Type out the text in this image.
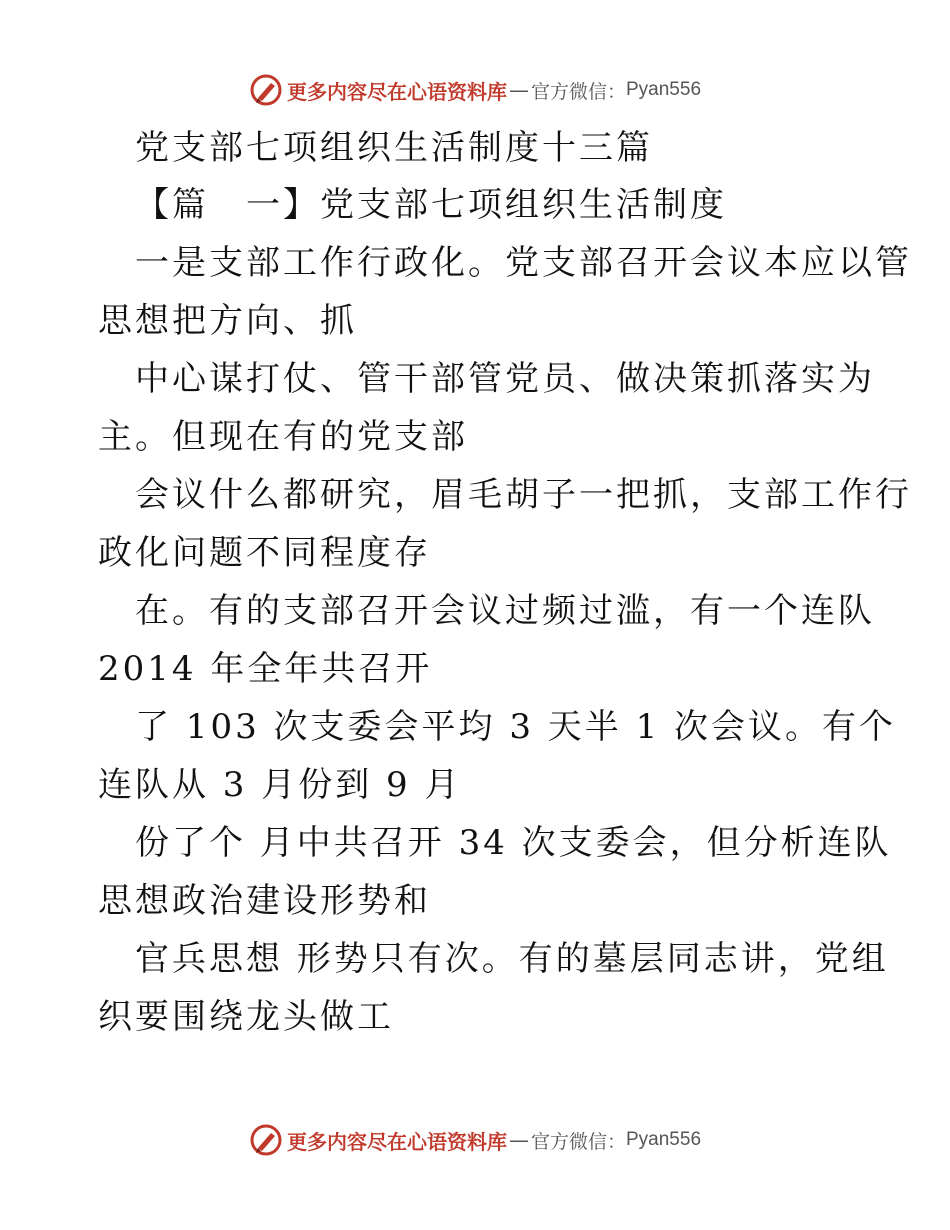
更多内容尽在心语资料库 — 官方微信： Pyan556
党支部七项组织生活制度十三篇
【篇　一】党支部七项组织生活制度
一是支部工作行政化。党支部召开会议本应以管
思想把方向、抓
中心谋打仗、管干部管党员、做决策抓落实为
主。但现在有的党支部
会议什么都研究，眉毛胡子一把抓，支部工作行
政化问题不同程度存
在。有的支部召开会议过频过滥，有一个连队
2014 年全年共召开
了 103 次支委会平均 3 天半 1 次会议。有个
连队从 3 月份到 9 月
份了个 月中共召开 34 次支委会，但分析连队
思想政治建设形势和
官兵思想 形势只有次。有的墓层同志讲，党组
织要围绕龙头做工
更多内容尽在心语资料库 — 官方微信： Pyan556
